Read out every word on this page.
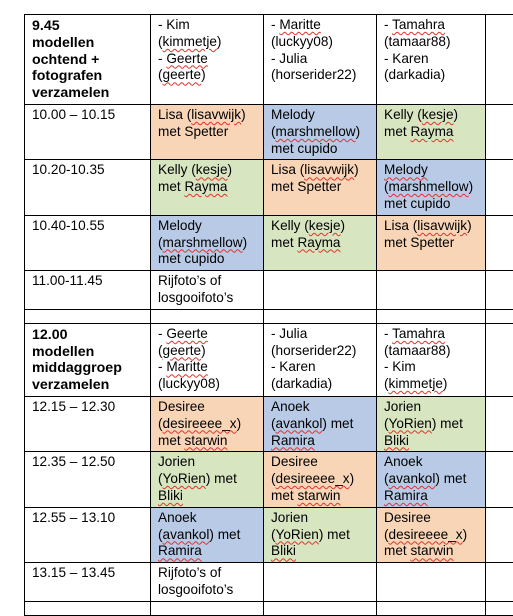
9.45
modellen
ochtend +
fotografen
verzamelen	- Kim
(kimmetje)
- Geerte
(geerte)	- Maritte
(luckyy08)
- Julia
(horserider22)	- Tamahra
(tamaar88)
- Karen
(darkadia)	

10.00 – 10.15	Lisa (lisavwijk)
met Spetter	Melody
(marshmellow)
met cupido	Kelly (kesje)
met Rayma	

10.20-10.35	Kelly (kesje)
met Rayma	Lisa (lisavwijk)
met Spetter	Melody
(marshmellow)
met cupido	

10.40-10.55	Melody
(marshmellow)
met cupido	Kelly (kesje)
met Rayma	Lisa (lisavwijk)
met Spetter	

11.00-11.45	Rijfoto’s of
losgooifoto’s			

12.00
modellen
middaggroep
verzamelen	- Geerte
(geerte)
- Maritte
(luckyy08)	- Julia
(horserider22)
- Karen
(darkadia)	- Tamahra
(tamaar88)
- Kim
(kimmetje)	

12.15 – 12.30	Desiree
(desireeee_x)
met starwin	Anoek
(avankol) met
Ramira	Jorien
(YoRien) met
Bliki	

12.35 – 12.50	Jorien
(YoRien) met
Bliki	Desiree
(desireeee_x)
met starwin	Anoek
(avankol) met
Ramira	

12.55 – 13.10	Anoek
(avankol) met
Ramira	Jorien
(YoRien) met
Bliki	Desiree
(desireeee_x)
met starwin	

13.15 – 13.45	Rijfoto’s of
losgooifoto’s			
